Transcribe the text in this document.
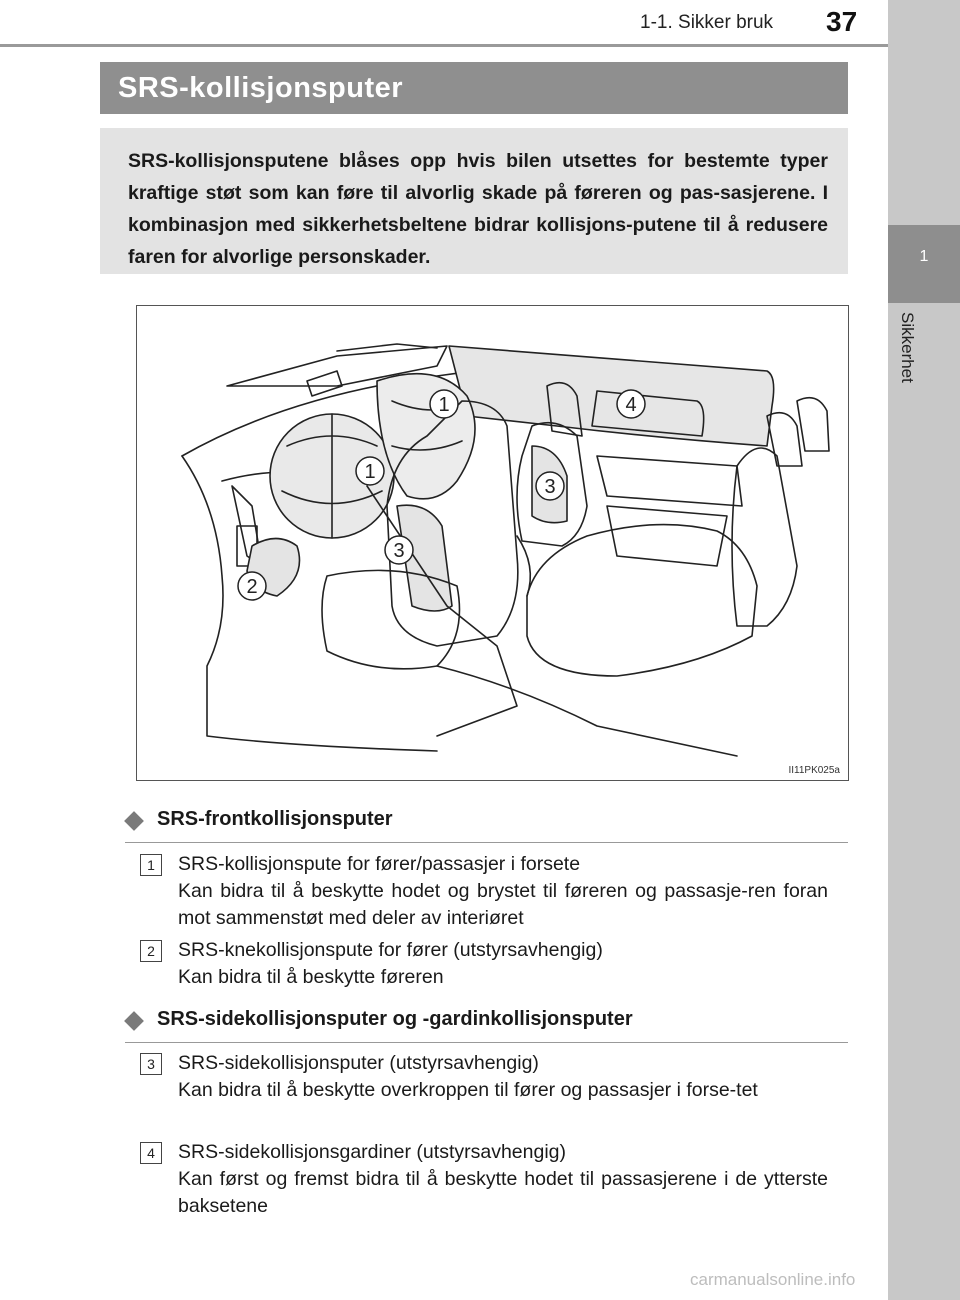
1-1. Sikker bruk 37
1
Sikkerhet
SRS-kollisjonsputer
SRS-kollisjonsputene blåses opp hvis bilen utsettes for bestemte typer kraftige støt som kan føre til alvorlig skade på føreren og pas-sasjerene. I kombinasjon med sikkerhetsbeltene bidrar kollisjons-putene til å redusere faren for alvorlige personskader.
1
1
2
3
3
4
II11PK025a
SRS-frontkollisjonsputer
1	SRS-kollisjonspute for fører/passasjer i forsete
Kan bidra til å beskytte hodet og brystet til føreren og passasje-ren foran mot sammenstøt med deler av interiøret
2	SRS-knekollisjonspute for fører (utstyrsavhengig)
Kan bidra til å beskytte føreren
SRS-sidekollisjonsputer og -gardinkollisjonsputer
3	SRS-sidekollisjonsputer (utstyrsavhengig)
Kan bidra til å beskytte overkroppen til fører og passasjer i forse-tet
4	SRS-sidekollisjonsgardiner (utstyrsavhengig)
Kan først og fremst bidra til å beskytte hodet til passasjerene i de ytterste baksetene
carmanualsonline.info
